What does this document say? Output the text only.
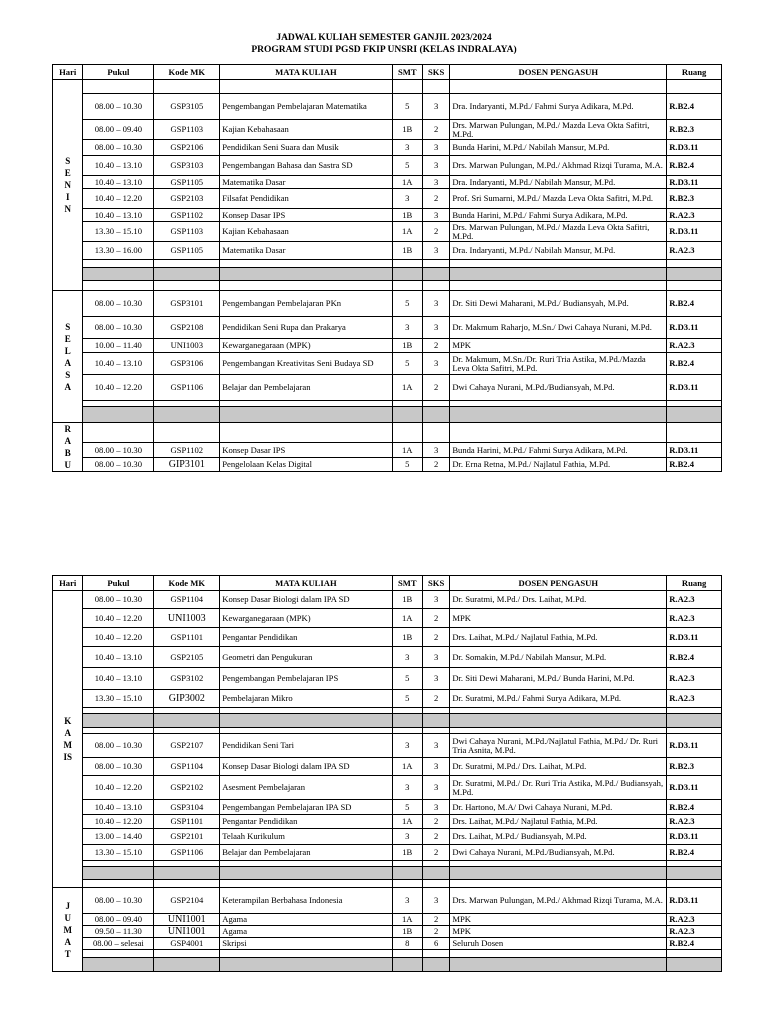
JADWAL KULIAH SEMESTER GANJIL 2023/2024
PROGRAM STUDI PGSD FKIP UNSRI (KELAS INDRALAYA)
Hari	Pukul	Kode MK	MATA KULIAH	SMT	SKS	DOSEN PENGASUH	Ruang
SENIN							
	08.00 – 10.30	GSP3105	Pengembangan Pembelajaran Matematika	5	3	Dra. Indaryanti, M.Pd./ Fahmi Surya Adikara, M.Pd.	R.B2.4
	08.00 – 09.40	GSP1103	Kajian Kebahasaan	1B	2	Drs. Marwan Pulungan, M.Pd./ Mazda Leva Okta Safitri, M.Pd.	R.B2.3
	08.00 – 10.30	GSP2106	Pendidikan Seni Suara dan Musik	3	3	Bunda Harini, M.Pd./ Nabilah Mansur, M.Pd.	R.D3.11
	10.40 – 13.10	GSP3103	Pengembangan Bahasa dan Sastra SD	5	3	Drs. Marwan Pulungan, M.Pd./ Akhmad Rizqi Turama, M.A.	R.B2.4
	10.40 – 13.10	GSP1105	Matematika Dasar	1A	3	Dra. Indaryanti, M.Pd./ Nabilah Mansur, M.Pd.	R.D3.11
	10.40 – 12.20	GSP2103	Filsafat Pendidikan	3	2	Prof. Sri Sumarni, M.Pd./ Mazda Leva Okta Safitri, M.Pd.	R.B2.3
	10.40 – 13.10	GSP1102	Konsep Dasar IPS	1B	3	Bunda Harini, M.Pd./ Fahmi Surya Adikara, M.Pd.	R.A2.3
	13.30 – 15.10	GSP1103	Kajian Kebahasaan	1A	2	Drs. Marwan Pulungan, M.Pd./ Mazda Leva Okta Safitri, M.Pd.	R.D3.11
	13.30 – 16.00	GSP1105	Matematika Dasar	1B	3	Dra. Indaryanti, M.Pd./ Nabilah Mansur, M.Pd.	R.A2.3

SELASA	08.00 – 10.30	GSP3101	Pengembangan Pembelajaran PKn	5	3	Dr. Siti Dewi Maharani, M.Pd./ Budiansyah, M.Pd.	R.B2.4
	08.00 – 10.30	GSP2108	Pendidikan Seni Rupa dan Prakarya	3	3	Dr. Makmum Raharjo, M.Sn./ Dwi Cahaya Nurani, M.Pd.	R.D3.11
	10.00 – 11.40	UNI1003	Kewarganegaraan (MPK)	1B	2	MPK	R.A2.3
	10.40 – 13.10	GSP3106	Pengembangan Kreativitas Seni Budaya SD	5	3	Dr. Makmum, M.Sn./Dr. Ruri Tria Astika, M.Pd./Mazda Leva Okta Safitri, M.Pd.	R.B2.4
	10.40 – 12.20	GSP1106	Belajar dan Pembelajaran	1A	2	Dwi Cahaya Nurani, M.Pd./Budiansyah, M.Pd.	R.D3.11

RABU							
	08.00 – 10.30	GSP1102	Konsep Dasar IPS	1A	3	Bunda Harini, M.Pd./ Fahmi Surya Adikara, M.Pd.	R.D3.11
	08.00 – 10.30	GIP3101	Pengelolaan Kelas Digital	5	2	Dr. Erna Retna, M.Pd./ Najlatul Fathia, M.Pd.	R.B2.4
Hari	Pukul	Kode MK	MATA KULIAH	SMT	SKS	DOSEN PENGASUH	Ruang
KAMIS	08.00 – 10.30	GSP1104	Konsep Dasar Biologi dalam IPA SD	1B	3	Dr. Suratmi, M.Pd./ Drs. Laihat, M.Pd.	R.A2.3
	10.40 – 12.20	UNI1003	Kewarganegaraan (MPK)	1A	2	MPK	R.A2.3
	10.40 – 12.20	GSP1101	Pengantar Pendidikan	1B	2	Drs. Laihat, M.Pd./ Najlatul Fathia, M.Pd.	R.D3.11
	10.40 – 13.10	GSP2105	Geometri dan Pengukuran	3	3	Dr. Somakin, M.Pd./ Nabilah Mansur, M.Pd.	R.B2.4
	10.40 – 13.10	GSP3102	Pengembangan Pembelajaran IPS	5	3	Dr. Siti Dewi Maharani, M.Pd./ Bunda Harini, M.Pd.	R.A2.3
	13.30 – 15.10	GIP3002	Pembelajaran Mikro	5	2	Dr. Suratmi, M.Pd./ Fahmi Surya Adikara, M.Pd.	R.A2.3

	08.00 – 10.30	GSP2107	Pendidikan Seni Tari	3	3	Dwi Cahaya Nurani, M.Pd./Najlatul Fathia, M.Pd./ Dr. Ruri Tria Asnita, M.Pd.	R.D3.11
	08.00 – 10.30	GSP1104	Konsep Dasar Biologi dalam IPA SD	1A	3	Dr. Suratmi, M.Pd./ Drs. Laihat, M.Pd.	R.B2.3
	10.40 – 12.20	GSP2102	Asesment Pembelajaran	3	3	Dr. Suratmi, M.Pd./ Dr. Ruri Tria Astika, M.Pd./ Budiansyah, M.Pd.	R.D3.11
	10.40 – 13.10	GSP3104	Pengembangan Pembelajaran IPA SD	5	3	Dr. Hartono, M.A/ Dwi Cahaya Nurani, M.Pd.	R.B2.4
	10.40 – 12.20	GSP1101	Pengantar Pendidikan	1A	2	Drs. Laihat, M.Pd./ Najlatul Fathia, M.Pd.	R.A2.3
	13.00 – 14.40	GSP2101	Telaah Kurikulum	3	2	Drs. Laihat, M.Pd./ Budiansyah, M.Pd.	R.D3.11
	13.30 – 15.10	GSP1106	Belajar dan Pembelajaran	1B	2	Dwi Cahaya Nurani, M.Pd./Budiansyah, M.Pd.	R.B2.4

JUMAT	08.00 – 10.30	GSP2104	Keterampilan Berbahasa Indonesia	3	3	Drs. Marwan Pulungan, M.Pd./ Akhmad Rizqi Turama, M.A.	R.D3.11
	08.00 – 09.40	UNI1001	Agama	1A	2	MPK	R.A2.3
	09.50 – 11.30	UNI1001	Agama	1B	2	MPK	R.A2.3
	08.00 – selesai	GSP4001	Skripsi	8	6	Seluruh Dosen	R.B2.4
